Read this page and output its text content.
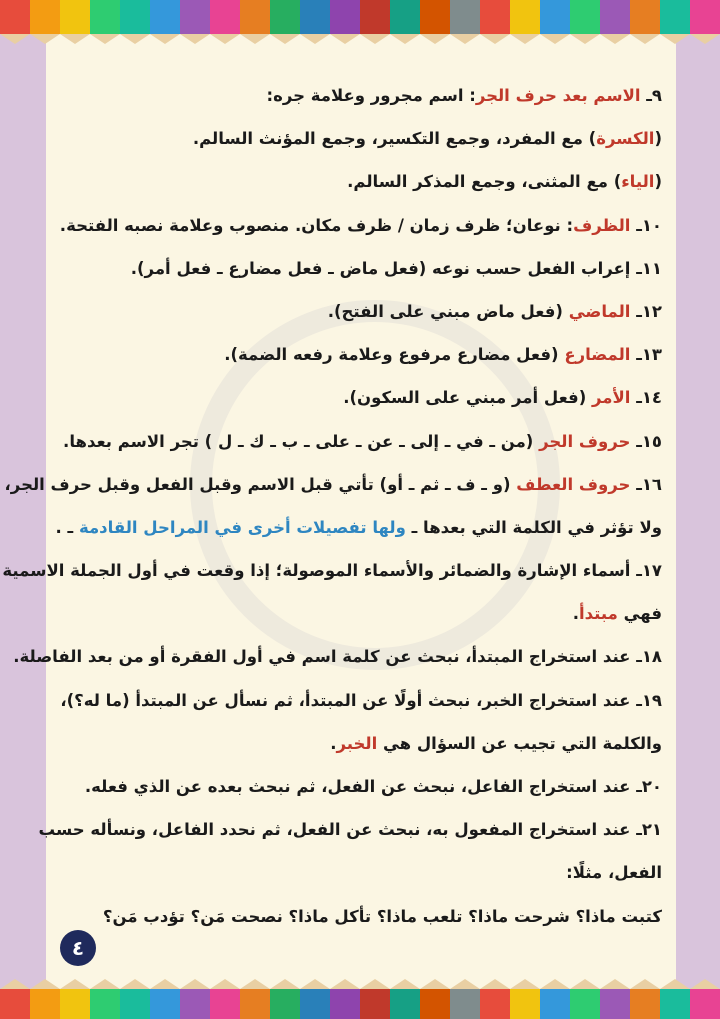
٩ـ الاسم بعد حرف الجر: اسم مجرور وعلامة جره:
(الكسرة) مع المفرد، وجمع التكسير، وجمع المؤنث السالم.
(الياء) مع المثنى، وجمع المذكر السالم.
١٠ـ الظرف: نوعان؛ ظرف زمان / ظرف مكان. منصوب وعلامة نصبه الفتحة.
١١ـ إعراب الفعل حسب نوعه (فعل ماض ـ فعل مضارع ـ فعل أمر).
١٢ـ الماضي (فعل ماض مبني على الفتح).
١٣ـ المضارع (فعل مضارع مرفوع وعلامة رفعه الضمة).
١٤ـ الأمر (فعل أمر مبني على السكون).
١٥ـ حروف الجر (من ـ في ـ إلى ـ عن ـ على ـ ب ـ ك ـ ل ) تجر الاسم بعدها.
١٦ـ حروف العطف (و ـ ف ـ ثم ـ أو) تأتي قبل الاسم وقبل الفعل وقبل حرف الجر،
ولا تؤثر في الكلمة التي بعدها ـ ولها تفصيلات أخرى في المراحل القادمة ـ .
١٧ـ أسماء الإشارة والضمائر والأسماء الموصولة؛ إذا وقعت في أول الجملة الاسمية
فهي مبتدأ.
١٨ـ عند استخراج المبتدأ، نبحث عن كلمة اسم في أول الفقرة أو من بعد الفاصلة.
١٩ـ عند استخراج الخبر، نبحث أولًا عن المبتدأ، ثم نسأل عن المبتدأ (ما له؟)،
والكلمة التي تجيب عن السؤال هي الخبر.
٢٠ـ عند استخراج الفاعل، نبحث عن الفعل، ثم نبحث بعده عن الذي فعله.
٢١ـ عند استخراج المفعول به، نبحث عن الفعل، ثم نحدد الفاعل، ونسأله حسب
الفعل، مثلًا:
كتبت ماذا؟ شرحت ماذا؟ تلعب ماذا؟ تأكل ماذا؟ نصحت مَن؟ تؤدب مَن؟
٤
